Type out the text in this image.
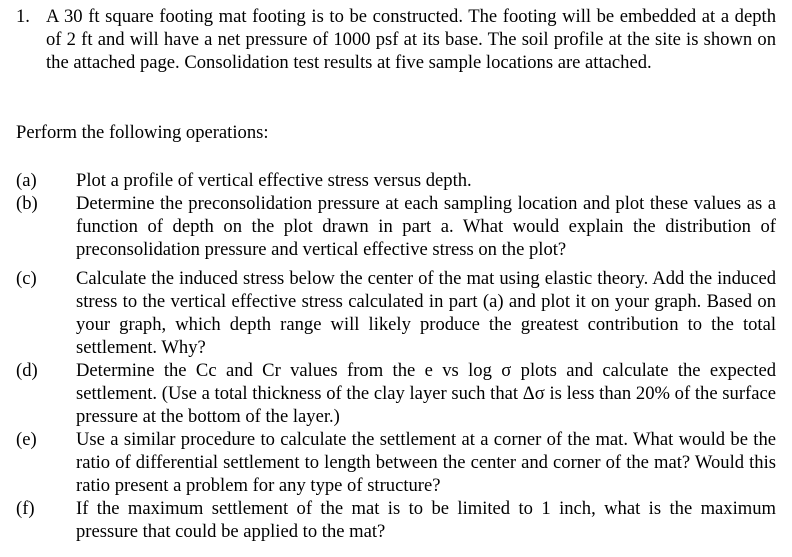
1. A 30 ft square footing mat footing is to be constructed. The footing will be embedded at a depth of 2 ft and will have a net pressure of 1000 psf at its base. The soil profile at the site is shown on the attached page. Consolidation test results at five sample locations are attached.
Perform the following operations:
(a) Plot a profile of vertical effective stress versus depth.
(b) Determine the preconsolidation pressure at each sampling location and plot these values as a function of depth on the plot drawn in part a. What would explain the distribution of preconsolidation pressure and vertical effective stress on the plot?
(c) Calculate the induced stress below the center of the mat using elastic theory. Add the induced stress to the vertical effective stress calculated in part (a) and plot it on your graph. Based on your graph, which depth range will likely produce the greatest contribution to the total settlement. Why?
(d) Determine the Cc and Cr values from the e vs log σ plots and calculate the expected settlement. (Use a total thickness of the clay layer such that Δσ is less than 20% of the surface pressure at the bottom of the layer.)
(e) Use a similar procedure to calculate the settlement at a corner of the mat. What would be the ratio of differential settlement to length between the center and corner of the mat? Would this ratio present a problem for any type of structure?
(f) If the maximum settlement of the mat is to be limited to 1 inch, what is the maximum pressure that could be applied to the mat?
